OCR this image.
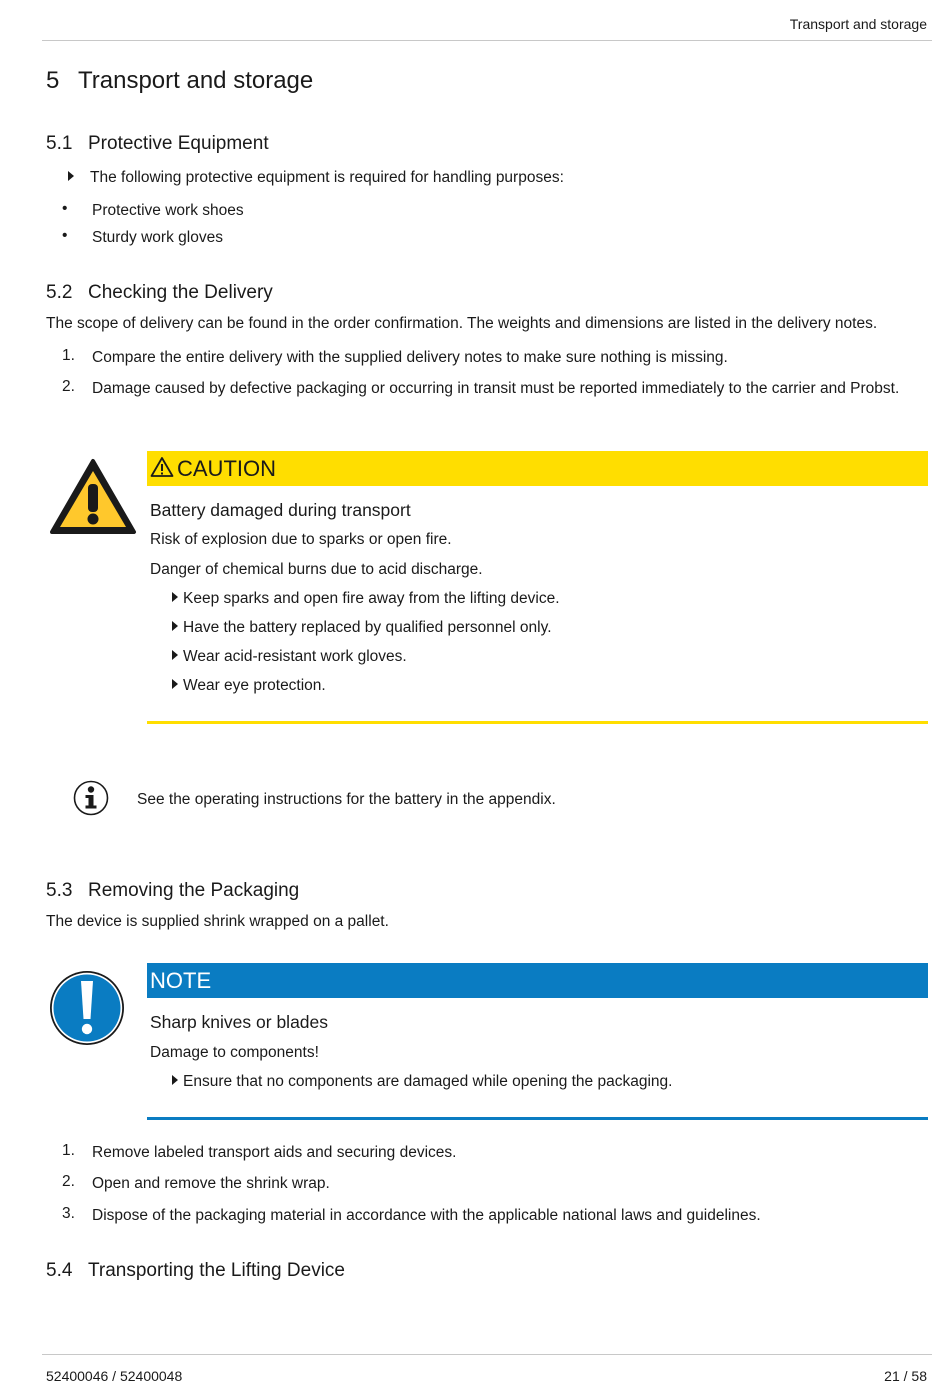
Transport and storage
5 Transport and storage
5.1 Protective Equipment
The following protective equipment is required for handling purposes:
• Protective work shoes
• Sturdy work gloves
5.2 Checking the Delivery
The scope of delivery can be found in the order confirmation. The weights and dimensions are listed in the delivery notes.
1. Compare the entire delivery with the supplied delivery notes to make sure nothing is missing.
2. Damage caused by defective packaging or occurring in transit must be reported immediately to the carrier and Probst.
CAUTION
Battery damaged during transport
Risk of explosion due to sparks or open fire.
Danger of chemical burns due to acid discharge.
Keep sparks and open fire away from the lifting device.
Have the battery replaced by qualified personnel only.
Wear acid-resistant work gloves.
Wear eye protection.
See the operating instructions for the battery in the appendix.
5.3 Removing the Packaging
The device is supplied shrink wrapped on a pallet.
NOTE
Sharp knives or blades
Damage to components!
Ensure that no components are damaged while opening the packaging.
1. Remove labeled transport aids and securing devices.
2. Open and remove the shrink wrap.
3. Dispose of the packaging material in accordance with the applicable national laws and guidelines.
5.4 Transporting the Lifting Device
52400046 / 52400048	21 / 58
